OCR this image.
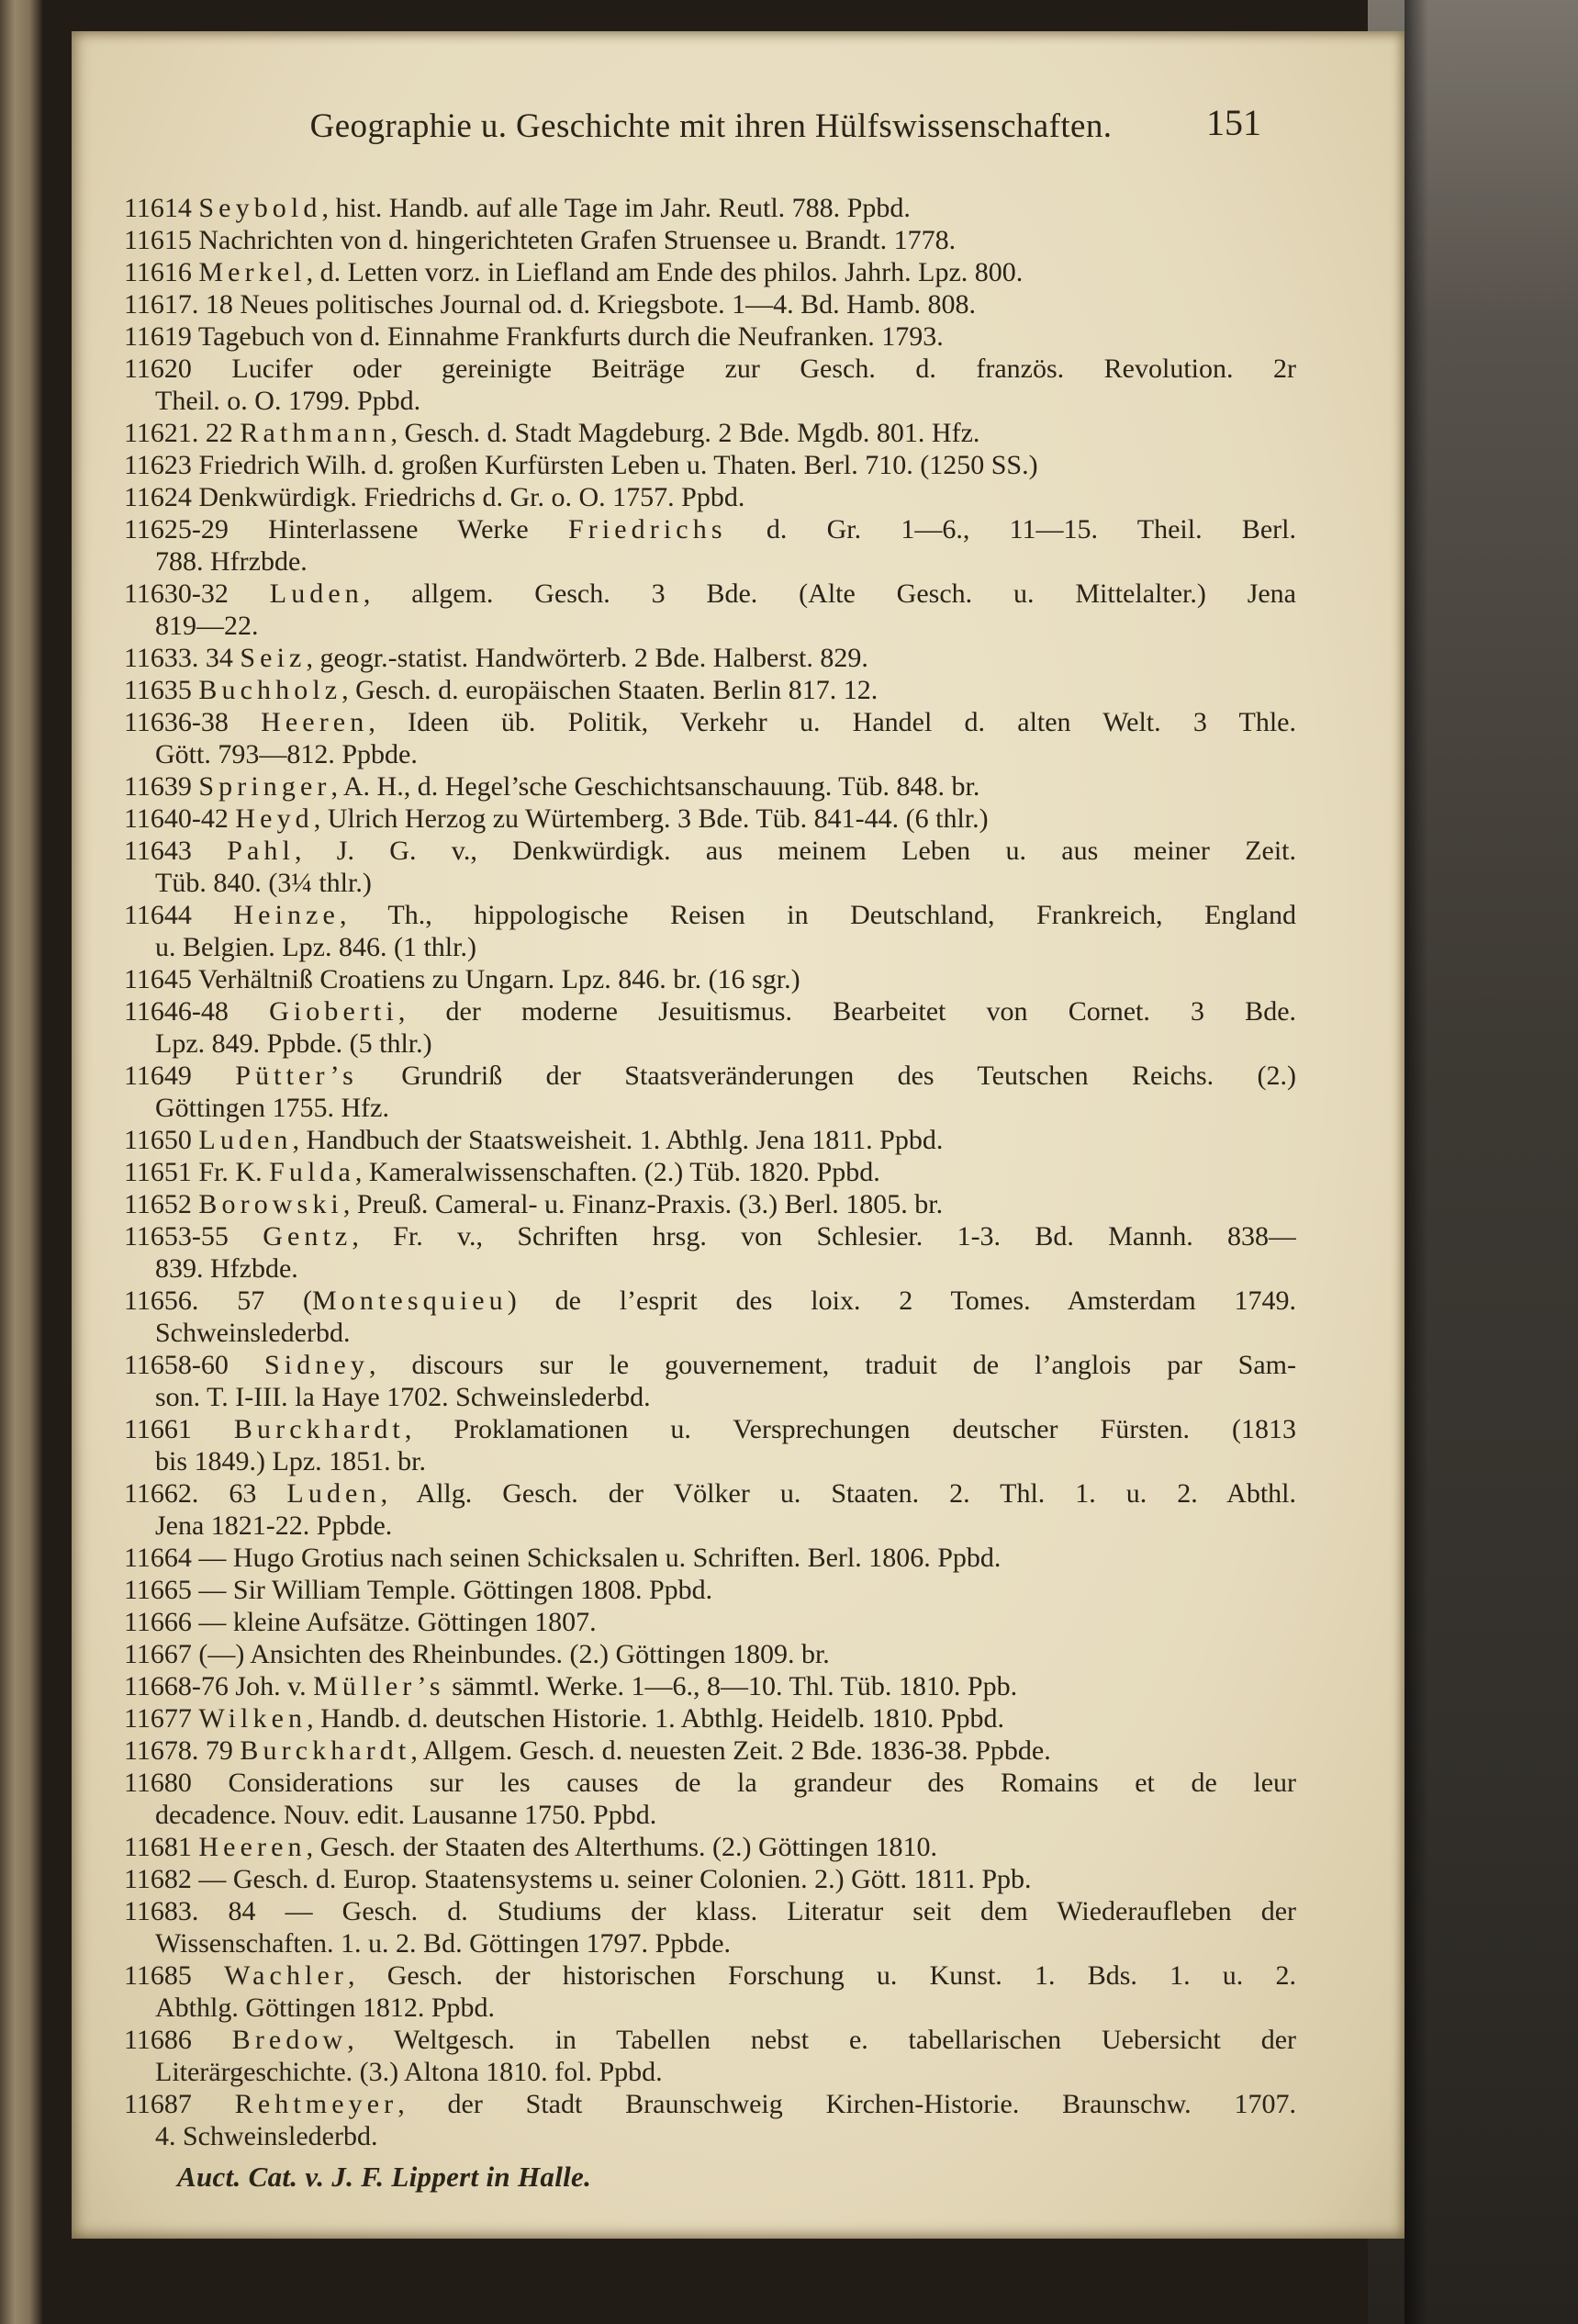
Geographie u. Geschichte mit ihren Hülfswissenschaften.	151
11614 Seybold, hist. Handb. auf alle Tage im Jahr. Reutl. 788. Ppbd.
11615 Nachrichten von d. hingerichteten Grafen Struensee u. Brandt. 1778.
11616 Merkel, d. Letten vorz. in Liefland am Ende des philos. Jahrh. Lpz. 800.
11617. 18 Neues politisches Journal od. d. Kriegsbote. 1—4. Bd. Hamb. 808.
11619 Tagebuch von d. Einnahme Frankfurts durch die Neufranken. 1793.
11620 Lucifer oder gereinigte Beiträge zur Gesch. d. französ. Revolution. 2r
Theil. o. O. 1799. Ppbd.
11621. 22 Rathmann, Gesch. d. Stadt Magdeburg. 2 Bde. Mgdb. 801. Hfz.
11623 Friedrich Wilh. d. großen Kurfürsten Leben u. Thaten. Berl. 710. (1250 SS.)
11624 Denkwürdigk. Friedrichs d. Gr. o. O. 1757. Ppbd.
11625-29 Hinterlassene Werke Friedrichs d. Gr. 1—6., 11—15. Theil. Berl.
788. Hfrzbde.
11630-32 Luden, allgem. Gesch. 3 Bde. (Alte Gesch. u. Mittelalter.) Jena
819—22.
11633. 34 Seiz, geogr.-statist. Handwörterb. 2 Bde. Halberst. 829.
11635 Buchholz, Gesch. d. europäischen Staaten. Berlin 817. 12.
11636-38 Heeren, Ideen üb. Politik, Verkehr u. Handel d. alten Welt. 3 Thle.
Gött. 793—812. Ppbde.
11639 Springer, A. H., d. Hegel’sche Geschichtsanschauung. Tüb. 848. br.
11640-42 Heyd, Ulrich Herzog zu Würtemberg. 3 Bde. Tüb. 841-44. (6 thlr.)
11643 Pahl, J. G. v., Denkwürdigk. aus meinem Leben u. aus meiner Zeit.
Tüb. 840. (3¼ thlr.)
11644 Heinze, Th., hippologische Reisen in Deutschland, Frankreich, England
u. Belgien. Lpz. 846. (1 thlr.)
11645 Verhältniß Croatiens zu Ungarn. Lpz. 846. br. (16 sgr.)
11646-48 Gioberti, der moderne Jesuitismus. Bearbeitet von Cornet. 3 Bde.
Lpz. 849. Ppbde. (5 thlr.)
11649 Pütter’s Grundriß der Staatsveränderungen des Teutschen Reichs. (2.)
Göttingen 1755. Hfz.
11650 Luden, Handbuch der Staatsweisheit. 1. Abthlg. Jena 1811. Ppbd.
11651 Fr. K. Fulda, Kameralwissenschaften. (2.) Tüb. 1820. Ppbd.
11652 Borowski, Preuß. Cameral- u. Finanz-Praxis. (3.) Berl. 1805. br.
11653-55 Gentz, Fr. v., Schriften hrsg. von Schlesier. 1-3. Bd. Mannh. 838—
839. Hfzbde.
11656. 57 (Montesquieu) de l’esprit des loix. 2 Tomes. Amsterdam 1749.
Schweinslederbd.
11658-60 Sidney, discours sur le gouvernement, traduit de l’anglois par Sam-
son. T. I-III. la Haye 1702. Schweinslederbd.
11661 Burckhardt, Proklamationen u. Versprechungen deutscher Fürsten. (1813
bis 1849.) Lpz. 1851. br.
11662. 63 Luden, Allg. Gesch. der Völker u. Staaten. 2. Thl. 1. u. 2. Abthl.
Jena 1821-22. Ppbde.
11664 — Hugo Grotius nach seinen Schicksalen u. Schriften. Berl. 1806. Ppbd.
11665 — Sir William Temple. Göttingen 1808. Ppbd.
11666 — kleine Aufsätze. Göttingen 1807.
11667 (—) Ansichten des Rheinbundes. (2.) Göttingen 1809. br.
11668-76 Joh. v. Müller’s sämmtl. Werke. 1—6., 8—10. Thl. Tüb. 1810. Ppb.
11677 Wilken, Handb. d. deutschen Historie. 1. Abthlg. Heidelb. 1810. Ppbd.
11678. 79 Burckhardt, Allgem. Gesch. d. neuesten Zeit. 2 Bde. 1836-38. Ppbde.
11680 Considerations sur les causes de la grandeur des Romains et de leur
decadence. Nouv. edit. Lausanne 1750. Ppbd.
11681 Heeren, Gesch. der Staaten des Alterthums. (2.) Göttingen 1810.
11682 — Gesch. d. Europ. Staatensystems u. seiner Colonien. 2.) Gött. 1811. Ppb.
11683. 84 — Gesch. d. Studiums der klass. Literatur seit dem Wiederaufleben der
Wissenschaften. 1. u. 2. Bd. Göttingen 1797. Ppbde.
11685 Wachler, Gesch. der historischen Forschung u. Kunst. 1. Bds. 1. u. 2.
Abthlg. Göttingen 1812. Ppbd.
11686 Bredow, Weltgesch. in Tabellen nebst e. tabellarischen Uebersicht der
Literärgeschichte. (3.) Altona 1810. fol. Ppbd.
11687 Rehtmeyer, der Stadt Braunschweig Kirchen-Historie. Braunschw. 1707.
4. Schweinslederbd.
Auct. Cat. v. J. F. Lippert in Halle.
